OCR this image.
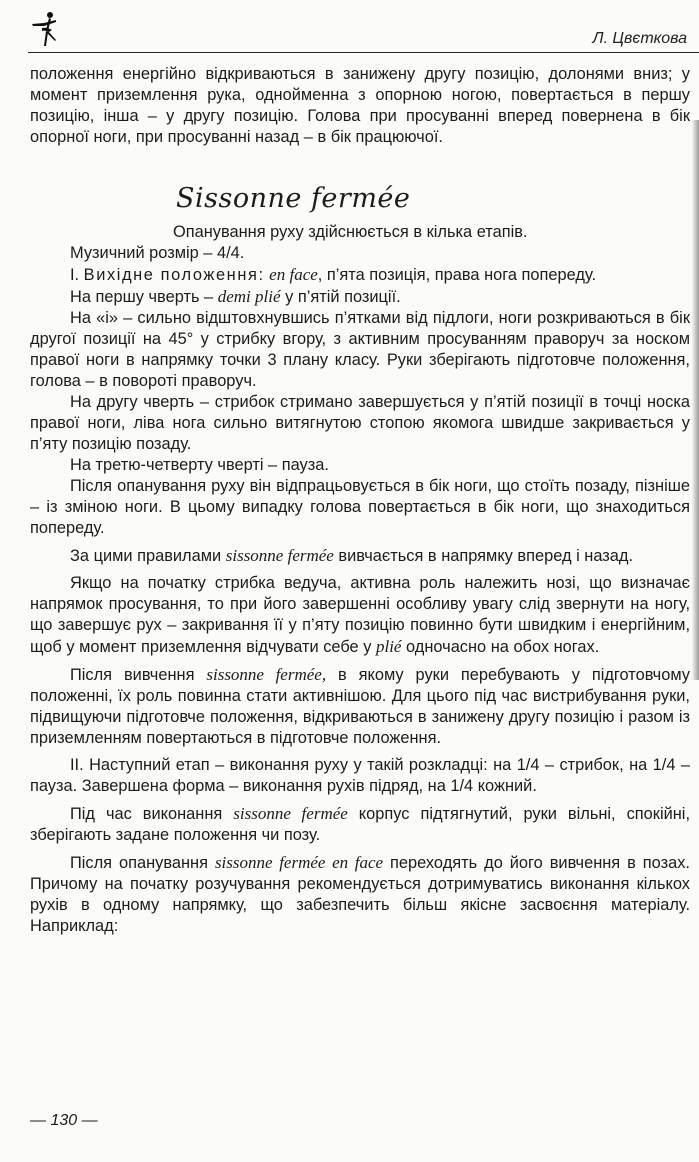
Л. Цвєткова

положення енергійно відкриваються в занижену другу позицію, долонями вниз; у момент приземлення рука, однойменна з опорною ногою, повертається в першу позицію, інша – у другу позицію. Голова при просуванні вперед повернена в бік опорної ноги, при просуванні назад – в бік працюючої.

Sissonne fermée

Опанування руху здійснюється в кілька етапів.

Музичний розмір – 4/4.

І. Вихідне положення: en face, п’ята позиція, права нога попереду.

На першу чверть – demi plié у п’ятій позиції.

На «і» – сильно відштовхнувшись п’ятками від підлоги, ноги розкриваються в бік другої позиції на 45° у стрибку вгору, з активним просуванням праворуч за носком правої ноги в напрямку точки 3 плану класу. Руки зберігають підготовче положення, голова – в повороті праворуч.

На другу чверть – стрибок стримано завершується у п’ятій позиції в точці носка правої ноги, ліва нога сильно витягнутою стопою якомога швидше закривається у п’яту позицію позаду.

На третю-четверту чверті – пауза.

Після опанування руху він відпрацьовується в бік ноги, що стоїть позаду, пізніше – із зміною ноги. В цьому випадку голова повертається в бік ноги, що знаходиться попереду.

За цими правилами sissonne fermée вивчається в напрямку вперед і назад.

Якщо на початку стрибка ведуча, активна роль належить нозі, що визначає напрямок просування, то при його завершенні особливу увагу слід звернути на ногу, що завершує рух – закривання її у п’яту позицію повинно бути швидким і енергійним, щоб у момент приземлення відчувати себе у plié одночасно на обох ногах.

Після вивчення sissonne fermée, в якому руки перебувають у підготовчому положенні, їх роль повинна стати активнішою. Для цього під час вистрибування руки, підвищуючи підготовче положення, відкриваються в занижену другу позицію і разом із приземленням повертаються в підготовче положення.

ІІ. Наступний етап – виконання руху у такій розкладці: на 1/4 – стрибок, на 1/4 – пауза. Завершена форма – виконання рухів підряд, на 1/4 кожний.

Під час виконання sissonne fermée корпус підтягнутий, руки вільні, спокійні, зберігають задане положення чи позу.

Після опанування sissonne fermée en face переходять до його вивчення в позах. Причому на початку розучування рекомендується дотримуватись виконання кількох рухів в одному напрямку, що забезпечить більш якісне засвоєння матеріалу. Наприклад:

— 130 —
